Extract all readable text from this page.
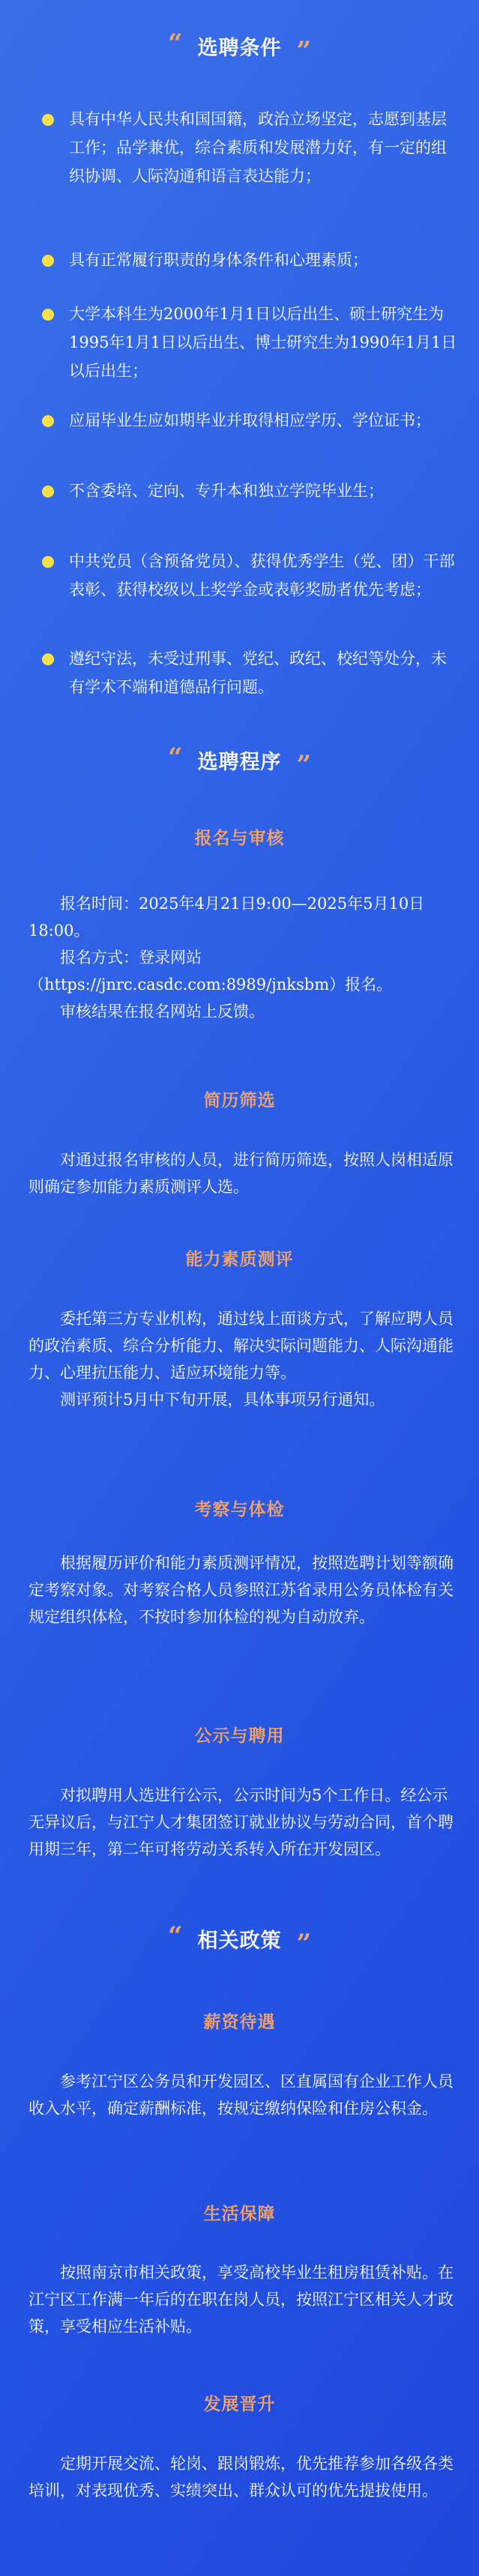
“ 选聘条件 ”
具有中华人民共和国国籍，政治立场坚定，志愿到基层工作；品学兼优，综合素质和发展潜力好，有一定的组织协调、人际沟通和语言表达能力；
具有正常履行职责的身体条件和心理素质；
大学本科生为2000年1月1日以后出生、硕士研究生为1995年1月1日以后出生、博士研究生为1990年1月1日以后出生；
应届毕业生应如期毕业并取得相应学历、学位证书；
不含委培、定向、专升本和独立学院毕业生；
中共党员（含预备党员）、获得优秀学生（党、团）干部表彰、获得校级以上奖学金或表彰奖励者优先考虑；
遵纪守法，未受过刑事、党纪、政纪、校纪等处分，未有学术不端和道德品行问题。
“ 选聘程序 ”
报名与审核

报名时间：2025年4月21日9:00—2025年5月10日18:00。

报名方式：登录网站（https://jnrc.casdc.com:8989/jnksbm）报名。

审核结果在报名网站上反馈。

简历筛选

对通过报名审核的人员，进行简历筛选，按照人岗相适原则确定参加能力素质测评人选。

能力素质测评

委托第三方专业机构，通过线上面谈方式，了解应聘人员的政治素质、综合分析能力、解决实际问题能力、人际沟通能力、心理抗压能力、适应环境能力等。

测评预计5月中下旬开展，具体事项另行通知。

考察与体检

根据履历评价和能力素质测评情况，按照选聘计划等额确定考察对象。对考察合格人员参照江苏省录用公务员体检有关规定组织体检，不按时参加体检的视为自动放弃。

公示与聘用

对拟聘用人选进行公示，公示时间为5个工作日。经公示无异议后，与江宁人才集团签订就业协议与劳动合同，首个聘用期三年，第二年可将劳动关系转入所在开发园区。

“ 相关政策 ”
薪资待遇

参考江宁区公务员和开发园区、区直属国有企业工作人员收入水平，确定薪酬标准，按规定缴纳保险和住房公积金。

生活保障

按照南京市相关政策，享受高校毕业生租房租赁补贴。在江宁区工作满一年后的在职在岗人员，按照江宁区相关人才政策，享受相应生活补贴。

发展晋升

定期开展交流、轮岗、跟岗锻炼，优先推荐参加各级各类培训，对表现优秀、实绩突出、群众认可的优先提拔使用。
